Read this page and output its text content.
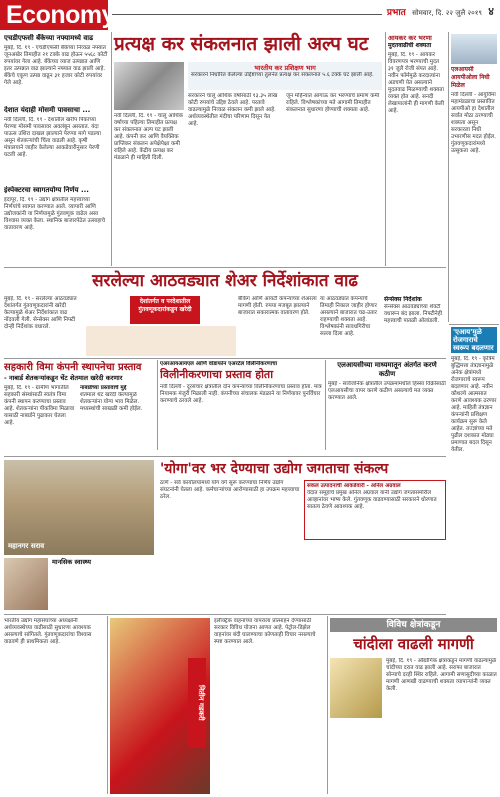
Economy	प्रभात सोमवार, दि. २२ जुलै २०१९ ४
एचडीएफसी बँकेच्या नफ्यामध्ये वाढ
मुंबई, दि. १९ - एचडीएफसी बँकेच्या निव्वळ नफ्यात जूनअखेर तिमाहीत २१ टक्के वाढ होऊन ५५६८ कोटी रुपयांवर गेला आहे. बँकेच्या व्याज उत्पन्नात आणि इतर उत्पन्नात वाढ झाल्याने नफ्यात वाढ झाली आहे. बँकेचे एकूण उत्पन्न वाढून ३१ हजार कोटी रुपयांवर गेले आहे.
देशात यंदाही मोसमी पावसाचा ...
नवी दिल्ली, दि. १९ - देशातील खरीप पिकांच्या पेरण्या मोसमी पावसावर अवलंबून असतात. यंदा पाऊस उशिरा दाखल झाल्याने पेरण्या मागे पडल्या असून शेतकऱ्यांची चिंता वाढली आहे. कृषी मंत्रालयाने जाहीर केलेल्या आकडेवारीनुसार पेरणी घटली आहे.
इंस्पेक्टरचा स्वागतयोग्य निर्णय ...
इंदापूर, दि. १९ - उद्योग क्षेत्रातील महत्त्वाच्या निर्णयांचे स्वागत करण्यात आले. व्यापारी आणि उद्योजकांनी या निर्णयामुळे गुंतवणूक वाढेल असा विश्वास व्यक्त केला. स्थानिक बाजारपेठेत उत्साहाचे वातावरण आहे.
प्रत्यक्ष कर संकलनात झाली अल्प घट
भारतीय कर प्रशिक्षण भाग
सरकारने निर्धारित केलेल्या उद्दिष्टांच्या तुलनेत प्रत्यक्ष कर संकलनात ५.६ टक्के घट झाली आहे.
नवी दिल्ली, दि. १९ - चालू आर्थिक वर्षाच्या पहिल्या तिमाहीत प्रत्यक्ष कर संकलनात अल्प घट झाली आहे. कंपनी कर आणि वैयक्तिक प्राप्तिकर संकलन अपेक्षेपेक्षा कमी राहिले आहे. केंद्रीय प्रत्यक्ष कर मंडळाने ही माहिती दिली.
सरकारने चालू आर्थिक वर्षासाठी १३.३५ लाख कोटी रुपयांचे उद्दिष्ट ठेवले आहे. परतावे वाढल्यामुळे निव्वळ संकलन कमी झाले आहे. अर्थव्यवस्थेतील मंदीचा परिणाम दिसून येत आहे.
जून महिन्यात आगाऊ कर भरण्याचे प्रमाण कमी राहिले. विश्लेषकांच्या मते आगामी तिमाहीत संकलनात सुधारणा होण्याची शक्यता आहे.
आयकर कर भरणा
मुदतवाढीची शक्यता
मुंबई, दि. १९ - आयकर विवरणपत्र भरण्याची मुदत ३१ जुलै रोजी संपत आहे. नवीन फॉर्ममुळे करदात्यांना अडचणी येत असल्याने मुदतवाढ मिळण्याची शक्यता व्यक्त होत आहे. सनदी लेखापालांनी ही मागणी केली आहे.
एलआयसी आयपीओला निधी मिळेल
नवी दिल्ली - आयुर्विमा महामंडळाचा प्रस्तावित आयपीओ हा देशातील सर्वात मोठा ठरण्याची शक्यता असून सरकारला निधी उभारणीस मदत होईल. गुंतवणूकदारांमध्ये उत्सुकता आहे.
सरलेल्या आठवड्यात शेअर निर्देशांकात वाढ
मुंबई, दि. १९ - सरलेल्या आठवड्यात देशांतर्गत गुंतवणूकदारांनी खरेदी केल्यामुळे शेअर निर्देशांकात वाढ नोंदवली गेली. सेन्सेक्स आणि निफ्टी दोन्ही निर्देशांक वधारले.
देशांतर्गत व परदेशातील गुंतवणूकदारांकडून खरेदी
बँकिंग आणि आयटी कंपन्यांच्या शेअरला मागणी होती. रुपया मजबूत झाल्याने बाजारात सकारात्मक वातावरण होते.
या आठवड्यात कंपन्यांचे तिमाही निकाल जाहीर होणार असल्याने बाजारात चढ-उतार राहण्याची शक्यता आहे. विश्लेषकांनी सावधगिरीचा सल्ला दिला आहे.
सेन्सेक्स निर्देशांक
सेन्सेक्स आठवड्याच्या शेवटी वधारून बंद झाला. निफ्टीनेही महत्त्वाची पातळी ओलांडली.
सहकारी विमा कंपनी स्थापनेचा प्रस्ताव
- नाबार्ड शेतकऱ्यांकडून चेंट शेतमाल खरेदी करणार
मुंबई, दि. १९ - ग्रामीण भागातील सहकारी संस्थांसाठी स्वतंत्र विमा कंपनी स्थापन करण्याचा प्रस्ताव आहे. शेतकऱ्यांना पीकविमा मिळावा यासाठी नाबार्डने पुढाकार घेतला आहे.
नाबार्डच्या प्रस्तावाचे मुद्दे
शेतमाल थेट खरेदी केल्यामुळे शेतकऱ्यांना योग्य भाव मिळेल. मध्यस्थांची साखळी कमी होईल.
एअरआयआयएल आणि वोडाफोन एअरटेल विलीनीकरणाचा
विलीनीकरणाचा प्रस्ताव होता
नवी दिल्ली - दूरसंचार क्षेत्रातील दोन कंपन्यांच्या विलीनीकरणाचा प्रस्ताव होता. मात्र नियामक मंजुरी मिळाली नाही. कंपनीच्या संचालक मंडळाने या निर्णयावर पुनर्विचार करण्याचे ठरवले आहे.
एलआयसीच्या माध्यमातून अंतर्गत करणे कठीण
मुंबई - सार्वजनिक क्षेत्रातील उपक्रमांमधील हिस्सा विक्रीसाठी एलआयसीचा वापर करणे कठीण असल्याचे मत व्यक्त करण्यात आले.
'एआय'मुळे रोजगाराचे स्वरूप बदलणार
मुंबई, दि. १९ - कृत्रिम बुद्धिमत्ता तंत्रज्ञानामुळे अनेक क्षेत्रांमध्ये रोजगाराचे स्वरूप बदलणार आहे. नवीन कौशल्ये आत्मसात करणे आवश्यक ठरणार आहे. माहिती तंत्रज्ञान कंपन्यांनी प्रशिक्षण कार्यक्रम सुरू केले आहेत. तज्ज्ञांच्या मते पुढील दशकात मोठ्या प्रमाणात बदल दिसून येतील.
महानगर सराव
'योगा'वर भर देण्याचा उद्योग जगताचा संकल्प
ठाणे - सर्व कार्यालयांमध्ये योग वर्ग सुरू करण्याचा निर्णय उद्योग संघटनांनी घेतला आहे. कर्मचाऱ्यांच्या आरोग्यासाठी हा उपक्रम महत्त्वाचा ठरेल.
सकल उत्पादनाची आकडेवारी - अनिल अग्रवाल
वेदांत समूहाचे प्रमुख अनिल अग्रवाल यांनी उद्योग जगतासमोरील आव्हानांवर भाष्य केले. गुंतवणूक वाढवण्यासाठी सरकारने धोरणात सातत्य ठेवणे आवश्यक आहे.
मानसिक स्वास्थ्य
भारतीय उद्योग महासंघाच्या अध्यक्षांनी अर्थव्यवस्थेच्या वाढीसाठी सुधारणा आवश्यक असल्याचे सांगितले. गुंतवणूकदारांचा विश्वास वाढवणे ही प्राथमिकता आहे.
नितीन गडकरी
इलेक्ट्रिक वाहनांच्या वापराला प्रोत्साहन देण्यासाठी सरकार विविध योजना आणत आहे. पेट्रोल-डिझेल वाहनांवर बंदी घालण्याचा कोणताही विचार नसल्याचे स्पष्ट करण्यात आले.
विविध क्षेत्रांकडून
चांदीला वाढली मागणी
मुंबई, दि. १९ - औद्योगिक क्षेत्राकडून मागणी वाढल्यामुळे चांदीच्या दरात वाढ झाली आहे. सराफा बाजारात सोन्याचे दरही स्थिर राहिले. आगामी सणासुदीच्या काळात मागणी आणखी वाढण्याची शक्यता व्यापाऱ्यांनी व्यक्त केली.
